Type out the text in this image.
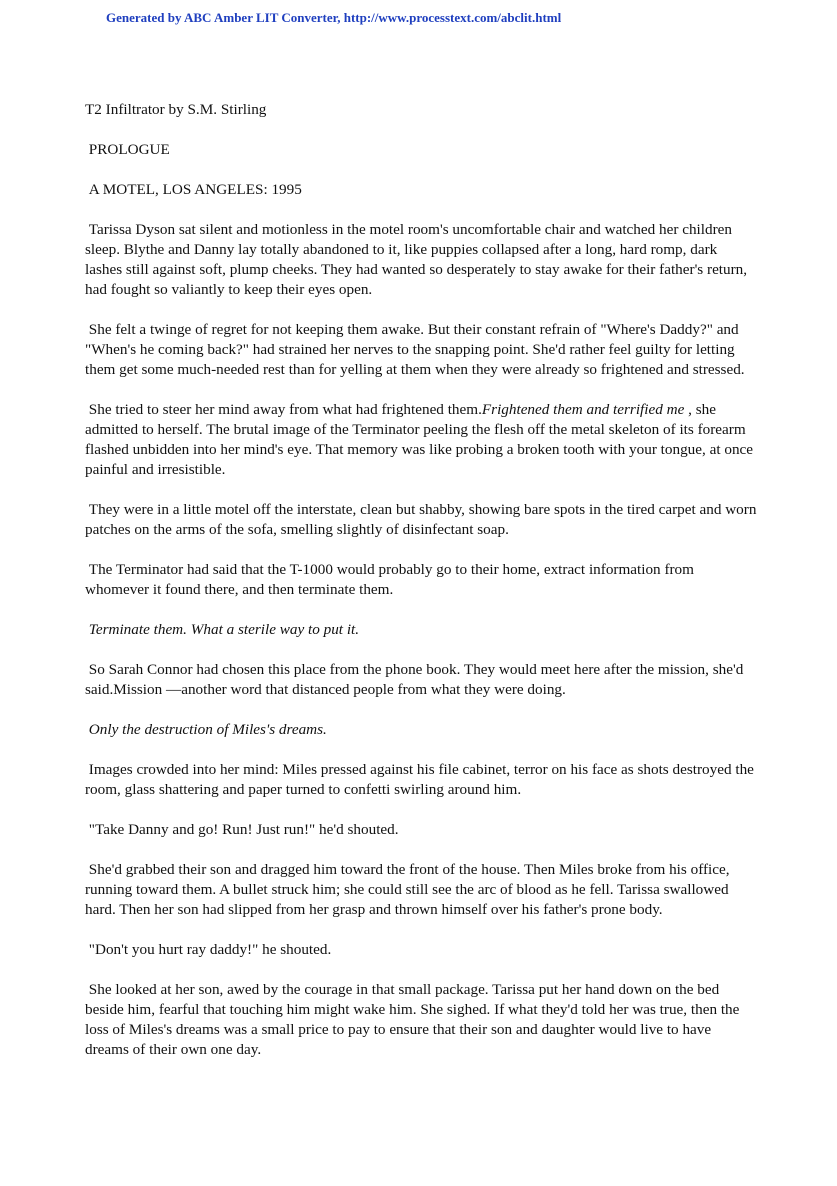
Generated by ABC Amber LIT Converter, http://www.processtext.com/abclit.html

T2 Infiltrator by S.M. Stirling

PROLOGUE

A MOTEL, LOS ANGELES: 1995

Tarissa Dyson sat silent and motionless in the motel room's uncomfortable chair and watched her children sleep. Blythe and Danny lay totally abandoned to it, like puppies collapsed after a long, hard romp, dark lashes still against soft, plump cheeks. They had wanted so desperately to stay awake for their father's return, had fought so valiantly to keep their eyes open.

She felt a twinge of regret for not keeping them awake. But their constant refrain of "Where's Daddy?" and "When's he coming back?" had strained her nerves to the snapping point. She'd rather feel guilty for letting them get some much-needed rest than for yelling at them when they were already so frightened and stressed.

She tried to steer her mind away from what had frightened them.Frightened them and terrified me , she admitted to herself. The brutal image of the Terminator peeling the flesh off the metal skeleton of its forearm flashed unbidden into her mind's eye. That memory was like probing a broken tooth with your tongue, at once painful and irresistible.

They were in a little motel off the interstate, clean but shabby, showing bare spots in the tired carpet and worn patches on the arms of the sofa, smelling slightly of disinfectant soap.

The Terminator had said that the T-1000 would probably go to their home, extract information from whomever it found there, and then terminate them.

Terminate them. What a sterile way to put it.

So Sarah Connor had chosen this place from the phone book. They would meet here after the mission, she'd said.Mission —another word that distanced people from what they were doing.

Only the destruction of Miles's dreams.

Images crowded into her mind: Miles pressed against his file cabinet, terror on his face as shots destroyed the room, glass shattering and paper turned to confetti swirling around him.

"Take Danny and go! Run! Just run!" he'd shouted.

She'd grabbed their son and dragged him toward the front of the house. Then Miles broke from his office, running toward them. A bullet struck him; she could still see the arc of blood as he fell. Tarissa swallowed hard. Then her son had slipped from her grasp and thrown himself over his father's prone body.

"Don't you hurt ray daddy!" he shouted.

She looked at her son, awed by the courage in that small package. Tarissa put her hand down on the bed beside him, fearful that touching him might wake him. She sighed. If what they'd told her was true, then the loss of Miles's dreams was a small price to pay to ensure that their son and daughter would live to have dreams of their own one day.
